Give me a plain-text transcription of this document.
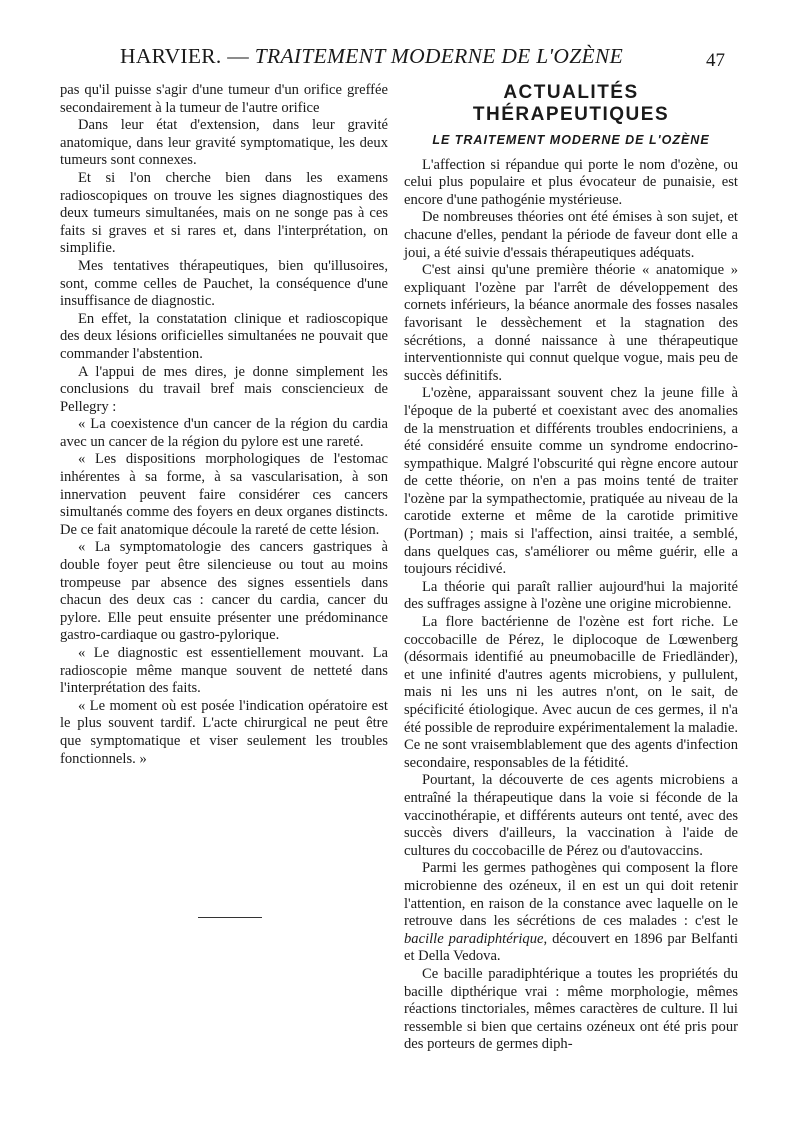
HARVIER. — TRAITEMENT MODERNE DE L'OZÈNE	47

pas qu'il puisse s'agir d'une tumeur d'un orifice greffée secondairement à la tumeur de l'autre orifice

Dans leur état d'extension, dans leur gravité anatomique, dans leur gravité symptomatique, les deux tumeurs sont connexes.

Et si l'on cherche bien dans les examens radioscopiques on trouve les signes diagnostiques des deux tumeurs simultanées, mais on ne songe pas à ces faits si graves et si rares et, dans l'interprétation, on simplifie.

Mes tentatives thérapeutiques, bien qu'illusoires, sont, comme celles de Pauchet, la conséquence d'une insuffisance de diagnostic.

En effet, la constatation clinique et radioscopique des deux lésions orificielles simultanées ne pouvait que commander l'abstention.

A l'appui de mes dires, je donne simplement les conclusions du travail bref mais consciencieux de Pellegry :

« La coexistence d'un cancer de la région du cardia avec un cancer de la région du pylore est une rareté.

« Les dispositions morphologiques de l'estomac inhérentes à sa forme, à sa vascularisation, à son innervation peuvent faire considérer ces cancers simultanés comme des foyers en deux organes distincts. De ce fait anatomique découle la rareté de cette lésion.

« La symptomatologie des cancers gastriques à double foyer peut être silencieuse ou tout au moins trompeuse par absence des signes essentiels dans chacun des deux cas : cancer du cardia, cancer du pylore. Elle peut ensuite présenter une prédominance gastro-cardiaque ou gastro-pylorique.

« Le diagnostic est essentiellement mouvant. La radioscopie même manque souvent de netteté dans l'interprétation des faits.

« Le moment où est posée l'indication opératoire est le plus souvent tardif. L'acte chirurgical ne peut être que symptomatique et viser seulement les troubles fonctionnels. »

ACTUALITÉS
THÉRAPEUTIQUES
LE TRAITEMENT MODERNE DE L'OZÈNE

L'affection si répandue qui porte le nom d'ozène, ou celui plus populaire et plus évocateur de punaisie, est encore d'une pathogénie mystérieuse.

De nombreuses théories ont été émises à son sujet, et chacune d'elles, pendant la période de faveur dont elle a joui, a été suivie d'essais thérapeutiques adéquats.

C'est ainsi qu'une première théorie « anatomique » expliquant l'ozène par l'arrêt de développement des cornets inférieurs, la béance anormale des fosses nasales favorisant le dessèchement et la stagnation des sécrétions, a donné naissance à une thérapeutique interventionniste qui connut quelque vogue, mais peu de succès définitifs.

L'ozène, apparaissant souvent chez la jeune fille à l'époque de la puberté et coexistant avec des anomalies de la menstruation et différents troubles endocriniens, a été considéré ensuite comme un syndrome endocrino-sympathique. Malgré l'obscurité qui règne encore autour de cette théorie, on n'en a pas moins tenté de traiter l'ozène par la sympathectomie, pratiquée au niveau de la carotide externe et même de la carotide primitive (Portman) ; mais si l'affection, ainsi traitée, a semblé, dans quelques cas, s'améliorer ou même guérir, elle a toujours récidivé.

La théorie qui paraît rallier aujourd'hui la majorité des suffrages assigne à l'ozène une origine microbienne.

La flore bactérienne de l'ozène est fort riche. Le coccobacille de Pérez, le diplocoque de Lœwenberg (désormais identifié au pneumobacille de Friedländer), et une infinité d'autres agents microbiens, y pullulent, mais ni les uns ni les autres n'ont, on le sait, de spécificité étiologique. Avec aucun de ces germes, il n'a été possible de reproduire expérimentalement la maladie. Ce ne sont vraisemblablement que des agents d'infection secondaire, responsables de la fétidité.

Pourtant, la découverte de ces agents microbiens a entraîné la thérapeutique dans la voie si féconde de la vaccinothérapie, et différents auteurs ont tenté, avec des succès divers d'ailleurs, la vaccination à l'aide de cultures du coccobacille de Pérez ou d'autovaccins.

Parmi les germes pathogènes qui composent la flore microbienne des ozéneux, il en est un qui doit retenir l'attention, en raison de la constance avec laquelle on le retrouve dans les sécrétions de ces malades : c'est le bacille paradiphtérique, découvert en 1896 par Belfanti et Della Vedova.

Ce bacille paradiphtérique a toutes les propriétés du bacille dipthérique vrai : même morphologie, mêmes réactions tinctoriales, mêmes caractères de culture. Il lui ressemble si bien que certains ozéneux ont été pris pour des porteurs de germes diph-
